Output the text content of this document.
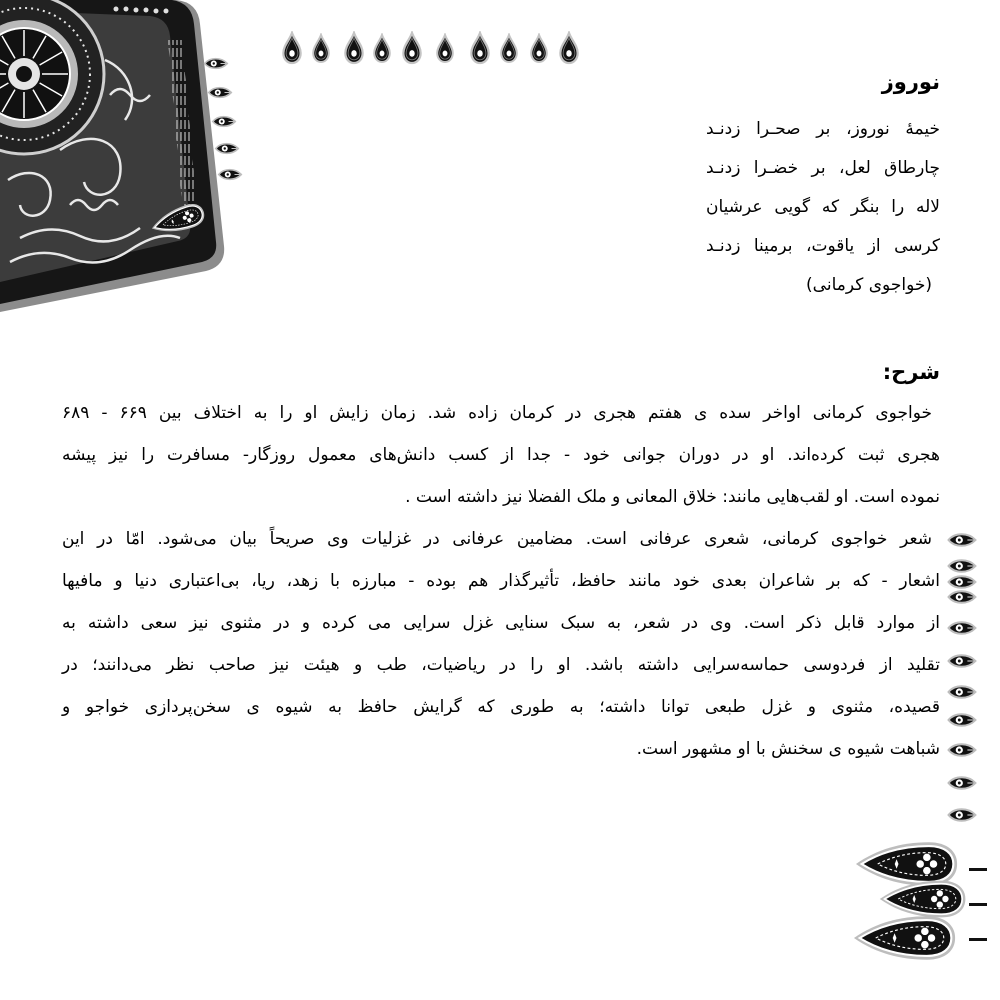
نوروز
خیمهٔ نوروز، بر صحـرا زدنـد
چارطاق لعل، بر خضـرا زدنـد
لاله را بنگر که گویی عرشیان
کرسی از یاقوت، برمینا زدنـد
(خواجوی کرمانی)
شرح:
خواجوی کرمانی اواخر سده ی هفتم هجری در کرمان زاده شد. زمان زایش او را به اختلاف بین ۶۶۹ - ۶۸۹
هجری ثبت کرده‌اند. او در دوران جوانی خود - جدا از کسب دانش‌های معمول روزگار- مسافرت را نیز پیشه
نموده است. او لقب‌هایی مانند: خلاق المعانی و ملک الفضلا نیز داشته است .
شعر خواجوی کرمانی، شعری عرفانی است. مضامین عرفانی در غزلیات وی صریحاً بیان می‌شود. امّا در این
اشعار - که بر شاعران بعدی خود مانند حافظ، تأثیرگذار هم بوده - مبارزه با زهد، ریا، بی‌اعتباری دنیا و مافیها
از موارد قابل ذکر است. وی در شعر، به سبک سنایی غزل سرایی می کرده و در مثنوی نیز سعی داشته به
تقلید از فردوسی حماسه‌سرایی داشته باشد. او را در ریاضیات، طب و هیئت نیز صاحب نظر می‌دانند؛ در
قصیده، مثنوی و غزل طبعی توانا داشته؛ به طوری که گرایش حافظ به شیوه ی سخن‌پردازی خواجو و
شباهت شیوه ی سخنش با او مشهور است.
